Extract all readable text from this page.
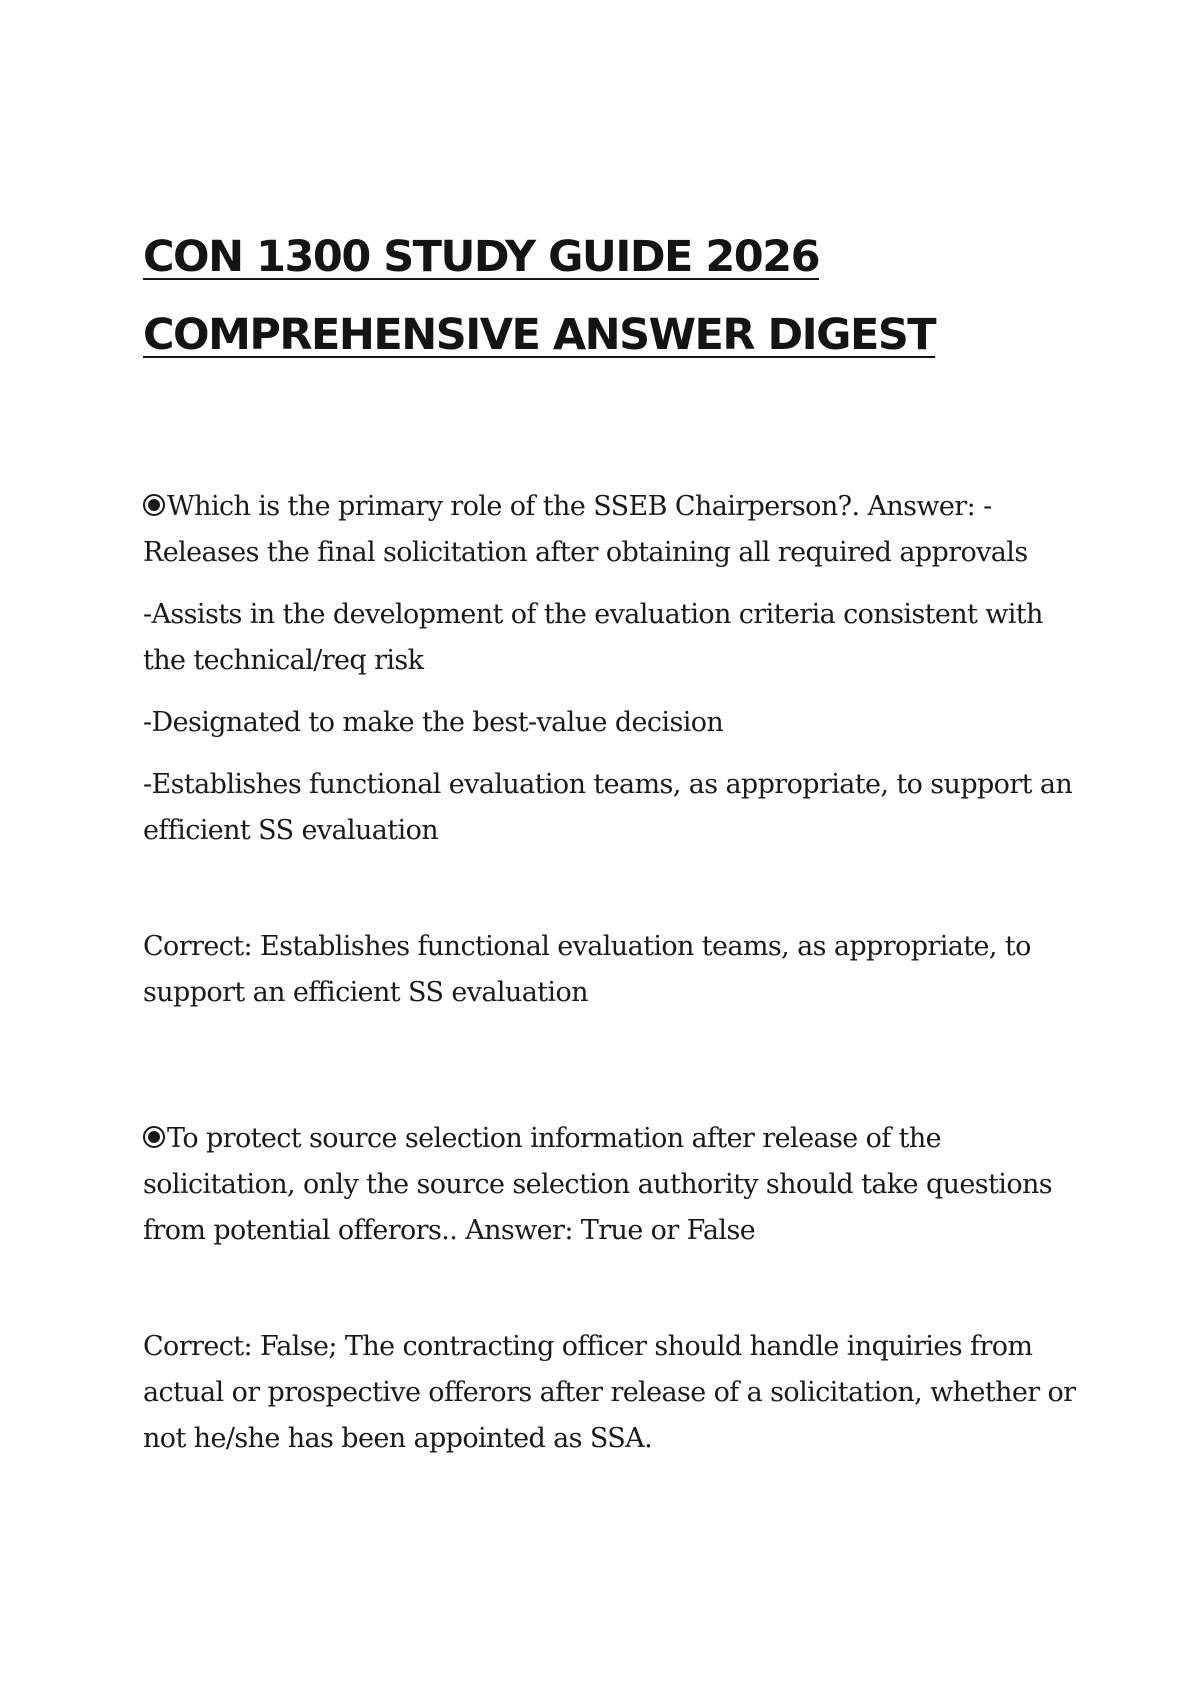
CON 1300 STUDY GUIDE 2026
COMPREHENSIVE ANSWER DIGEST

Which is the primary role of the SSEB Chairperson?. Answer: - Releases the final solicitation after obtaining all required approvals

-Assists in the development of the evaluation criteria consistent with the technical/req risk

-Designated to make the best-value decision

-Establishes functional evaluation teams, as appropriate, to support an efficient SS evaluation

Correct: Establishes functional evaluation teams, as appropriate, to support an efficient SS evaluation

To protect source selection information after release of the solicitation, only the source selection authority should take questions from potential offerors.. Answer: True or False

Correct: False; The contracting officer should handle inquiries from actual or prospective offerors after release of a solicitation, whether or not he/she has been appointed as SSA.
